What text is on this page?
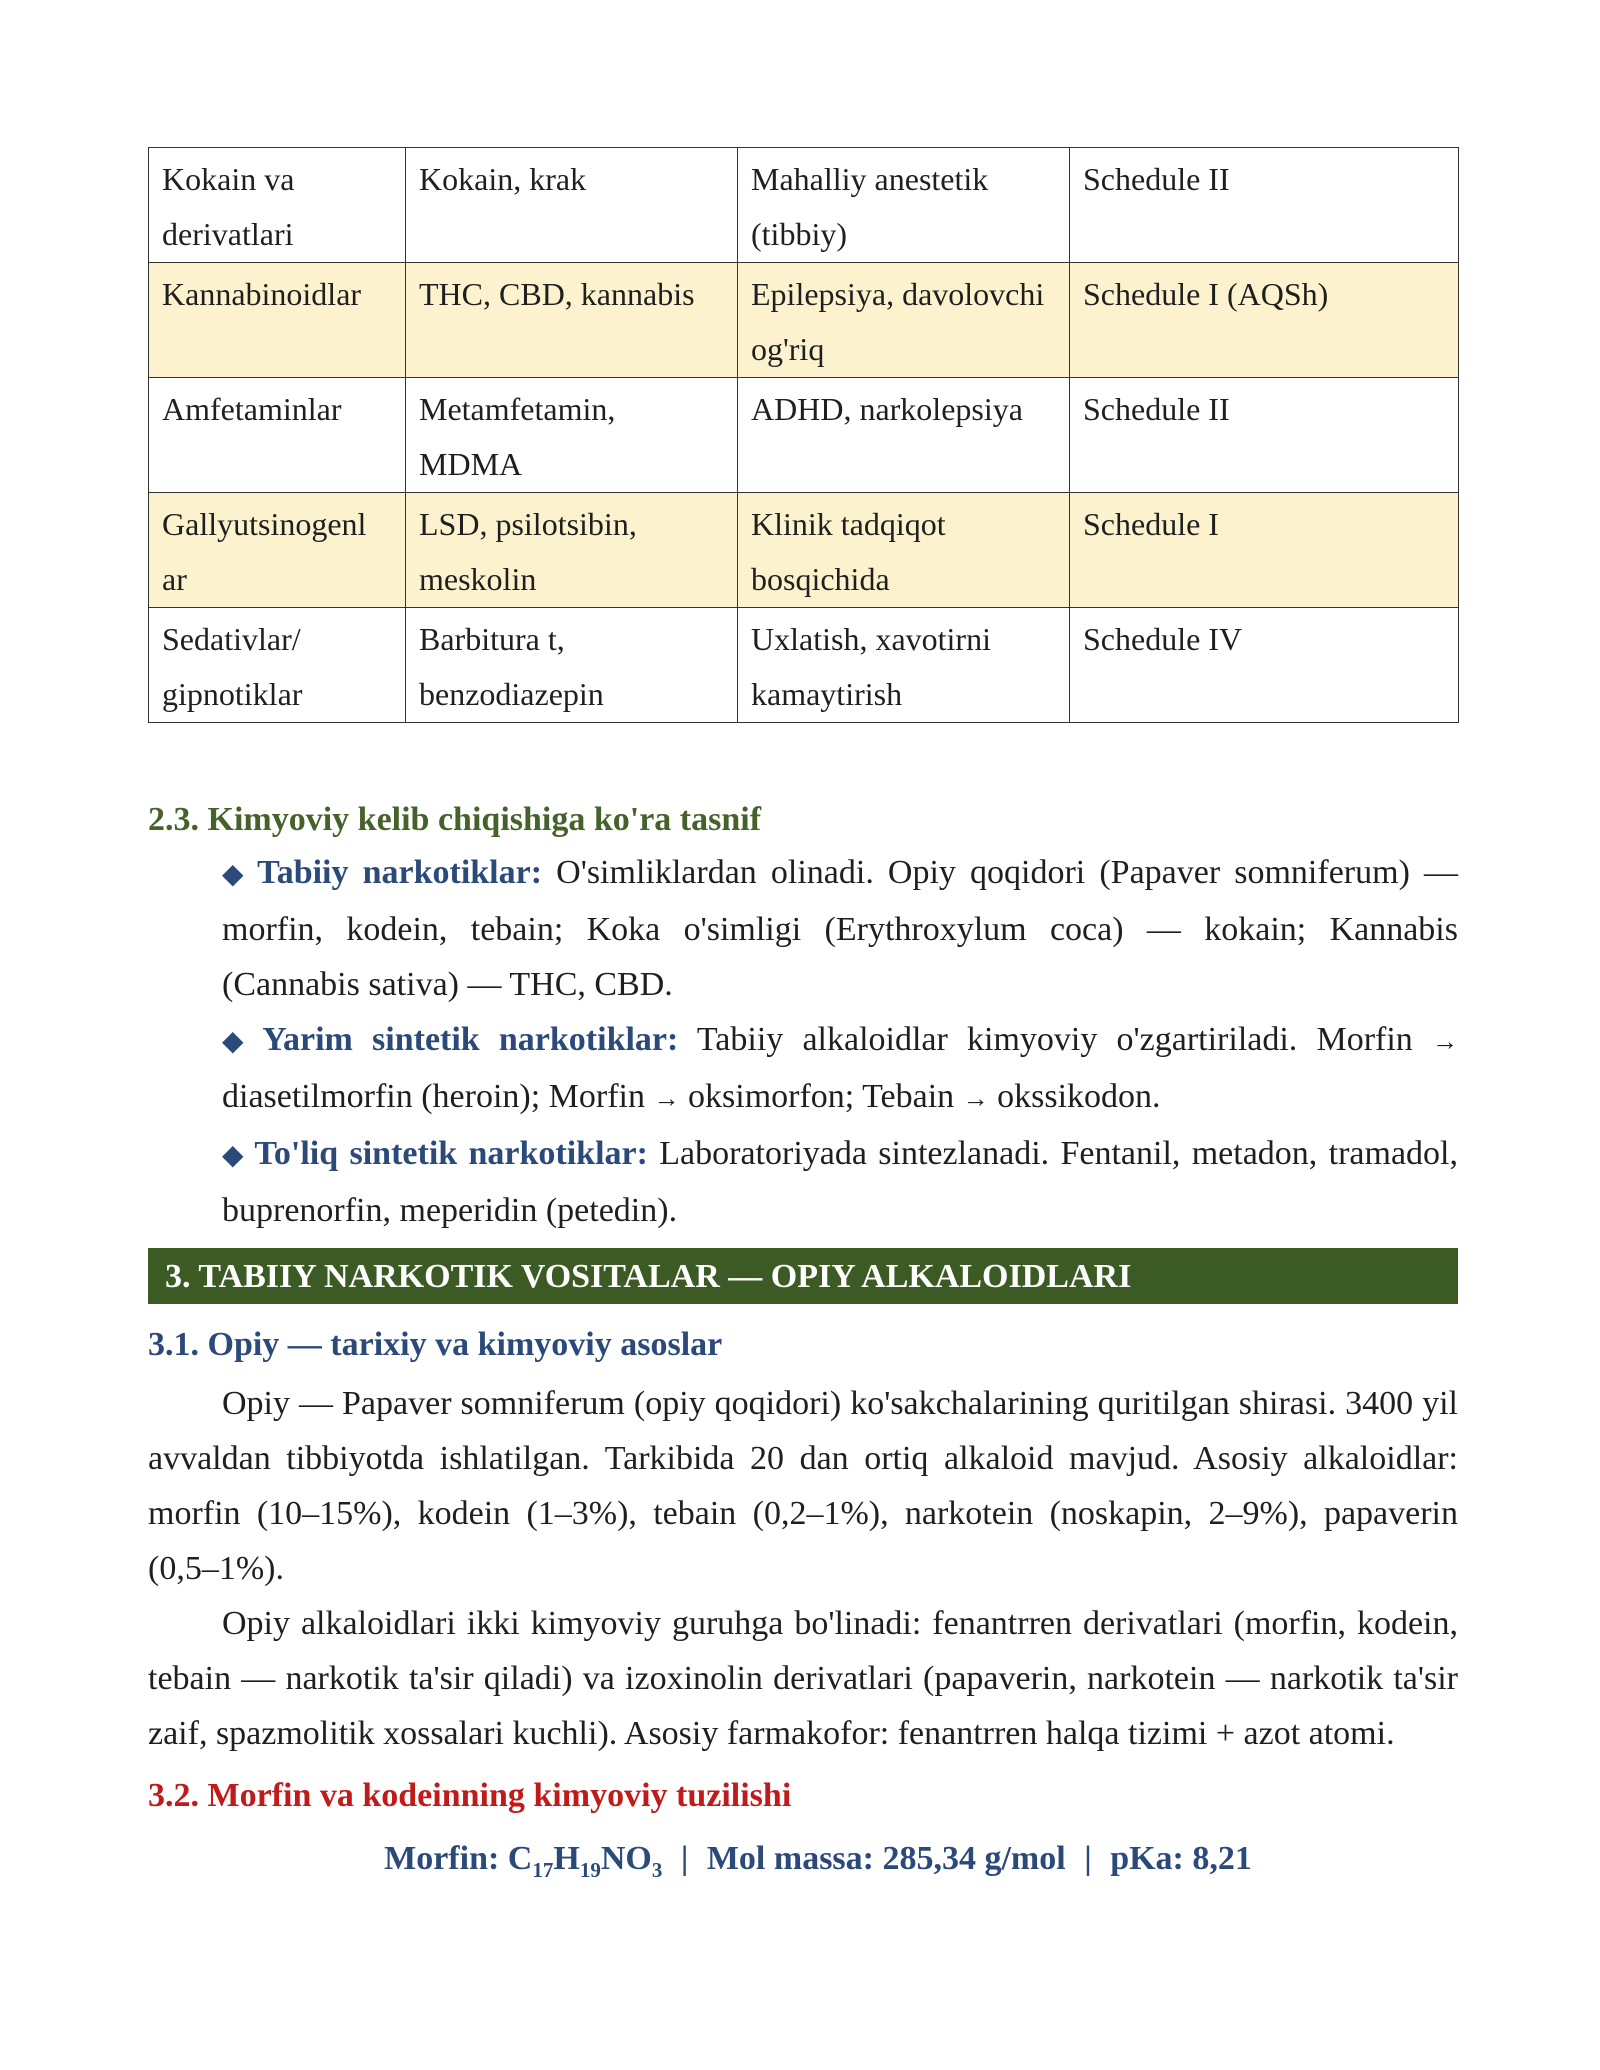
Kokain va derivatlari	Kokain, krak	Mahalliy anestetik (tibbiy)	Schedule II
Kannabinoidlar	THC, CBD, kannabis	Epilepsiya, davolovchi og'riq	Schedule I (AQSh)
Amfetaminlar	Metamfetamin, MDMA	ADHD, narkolepsiya	Schedule II
Gallyutsinogenl ar	LSD, psilotsibin, meskolin	Klinik tadqiqot bosqichida	Schedule I
Sedativlar/ gipnotiklar	Barbitura t, benzodiazepin	Uxlatish, xavotirni kamaytirish	Schedule IV
2.3. Kimyoviy kelib chiqishiga ko'ra tasnif

◆ Tabiiy narkotiklar: O'simliklardan olinadi. Opiy qoqidori (Papaver somniferum) — morfin, kodein, tebain; Koka o'simligi (Erythroxylum coca) — kokain; Kannabis (Cannabis sativa) — THC, CBD.

◆ Yarim sintetik narkotiklar: Tabiiy alkaloidlar kimyoviy o'zgartiriladi. Morfin → diasetilmorfin (heroin); Morfin → oksimorfon; Tebain → okssikodon.

◆ To'liq sintetik narkotiklar: Laboratoriyada sintezlanadi. Fentanil, metadon, tramadol, buprenorfin, meperidin (petedin).

3. TABIIY NARKOTIK VOSITALAR — OPIY ALKALOIDLARI
3.1. Opiy — tarixiy va kimyoviy asoslar

Opiy — Papaver somniferum (opiy qoqidori) ko'sakchalarining quritilgan shirasi. 3400 yil avvaldan tibbiyotda ishlatilgan. Tarkibida 20 dan ortiq alkaloid mavjud. Asosiy alkaloidlar: morfin (10–15%), kodein (1–3%), tebain (0,2–1%), narkotein (noskapin, 2–9%), papaverin (0,5–1%).

Opiy alkaloidlari ikki kimyoviy guruhga bo'linadi: fenantrren derivatlari (morfin, kodein, tebain — narkotik ta'sir qiladi) va izoxinolin derivatlari (papaverin, narkotein — narkotik ta'sir zaif, spazmolitik xossalari kuchli). Asosiy farmakofor: fenantrren halqa tizimi + azot atomi.

3.2. Morfin va kodeinning kimyoviy tuzilishi
Morfin: $C_{17}H_{19}NO_3$ | Mol massa: 285,34 g/mol | pKa: 8,21
